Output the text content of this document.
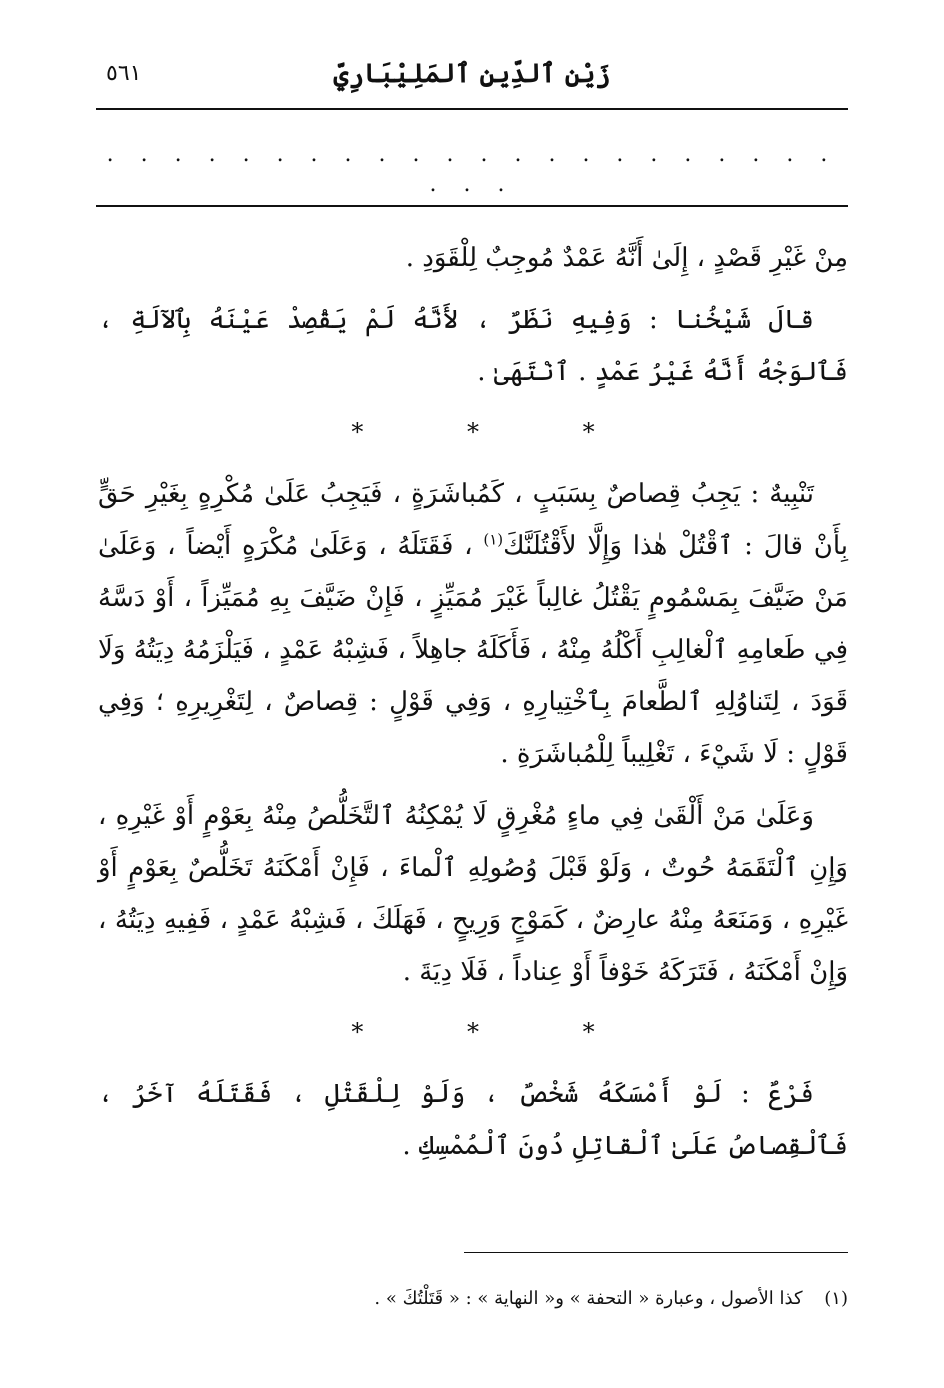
زَيْن ٱلدِّينِ ٱلمَلِيْبَارِيّ
٥٦١
. . . . . . . . . . . . . . . . . . . . . . . . .

مِنْ غَيْرِ قَصْدٍ ، إِلَىٰ أَنَّهُ عَمْدٌ مُوجِبٌ لِلْقَوَدِ .

قالَ شَيْخُنا : وَفِيهِ نَظَرٌ ، لأَنَّهُ لَمْ يَقْصِدْ عَيْنَهُ بِٱلآلَةِ ، فَٱلوَجْهُ أَنَّهُ غَيْرُ عَمْدٍ . ٱنْتَهَىٰ .

*	*	*

تَنْبِيهٌ : يَجِبُ قِصاصٌ بِسَبَبٍ ، كَمُباشَرَةٍ ، فَيَجِبُ عَلَىٰ مُكْرِهٍ بِغَيْرِ حَقٍّ بِأَنْ قالَ : ٱقْتُلْ هٰذا وَإِلَّا لأَقْتُلَنَّكَ$^{(١)}$ ، فَقَتَلَهُ ، وَعَلَىٰ مُكْرَهٍ أَيْضاً ، وَعَلَىٰ مَنْ ضَيَّفَ بِمَسْمُومٍ يَقْتُلُ غالِباً غَيْرَ مُمَيِّزٍ ، فَإِنْ ضَيَّفَ بِهِ مُمَيِّزاً ، أَوْ دَسَّهُ فِي طَعامِهِ ٱلْغالِبِ أَكْلُهُ مِنْهُ ، فَأَكَلَهُ جاهِلاً ، فَشِبْهُ عَمْدٍ ، فَيَلْزَمُهُ دِيَتُهُ وَلَا قَوَدَ ، لِتَناوُلِهِ ٱلطَّعامَ بِٱخْتِيارِهِ ، وَفِي قَوْلٍ : قِصاصٌ ، لِتَغْرِيرِهِ ؛ وَفِي قَوْلٍ : لَا شَيْءَ ، تَغْلِيباً لِلْمُباشَرَةِ .

وَعَلَىٰ مَنْ أَلْقَىٰ فِي ماءٍ مُغْرِقٍ لَا يُمْكِنُهُ ٱلتَّخَلُّصُ مِنْهُ بِعَوْمٍ أَوْ غَيْرِهِ ، وَإِنِ ٱلْتَقَمَهُ حُوتٌ ، وَلَوْ قَبْلَ وُصُولِهِ ٱلْماءَ ، فَإِنْ أَمْكَنَهُ تَخَلُّصٌ بِعَوْمٍ أَوْ غَيْرِهِ ، وَمَنَعَهُ مِنْهُ عارِضٌ ، كَمَوْجٍ وَرِيحٍ ، فَهَلَكَ ، فَشِبْهُ عَمْدٍ ، فَفِيهِ دِيَتُهُ ، وَإِنْ أَمْكَنَهُ ، فَتَرَكَهُ خَوْفاً أَوْ عِناداً ، فَلَا دِيَةَ .

*	*	*

فَرْعٌ : لَوْ أَمْسَكَهُ شَخْصٌ ، وَلَوْ لِلْقَتْلِ ، فَقَتَلَهُ آخَرُ ، فَٱلْقِصاصُ عَلَىٰ ٱلْقاتِلِ دُونَ ٱلْمُمْسِكِ .

(١) كذا الأصول ، وعبارة « التحفة » و« النهاية » : « قَتَلْتُكَ » .
